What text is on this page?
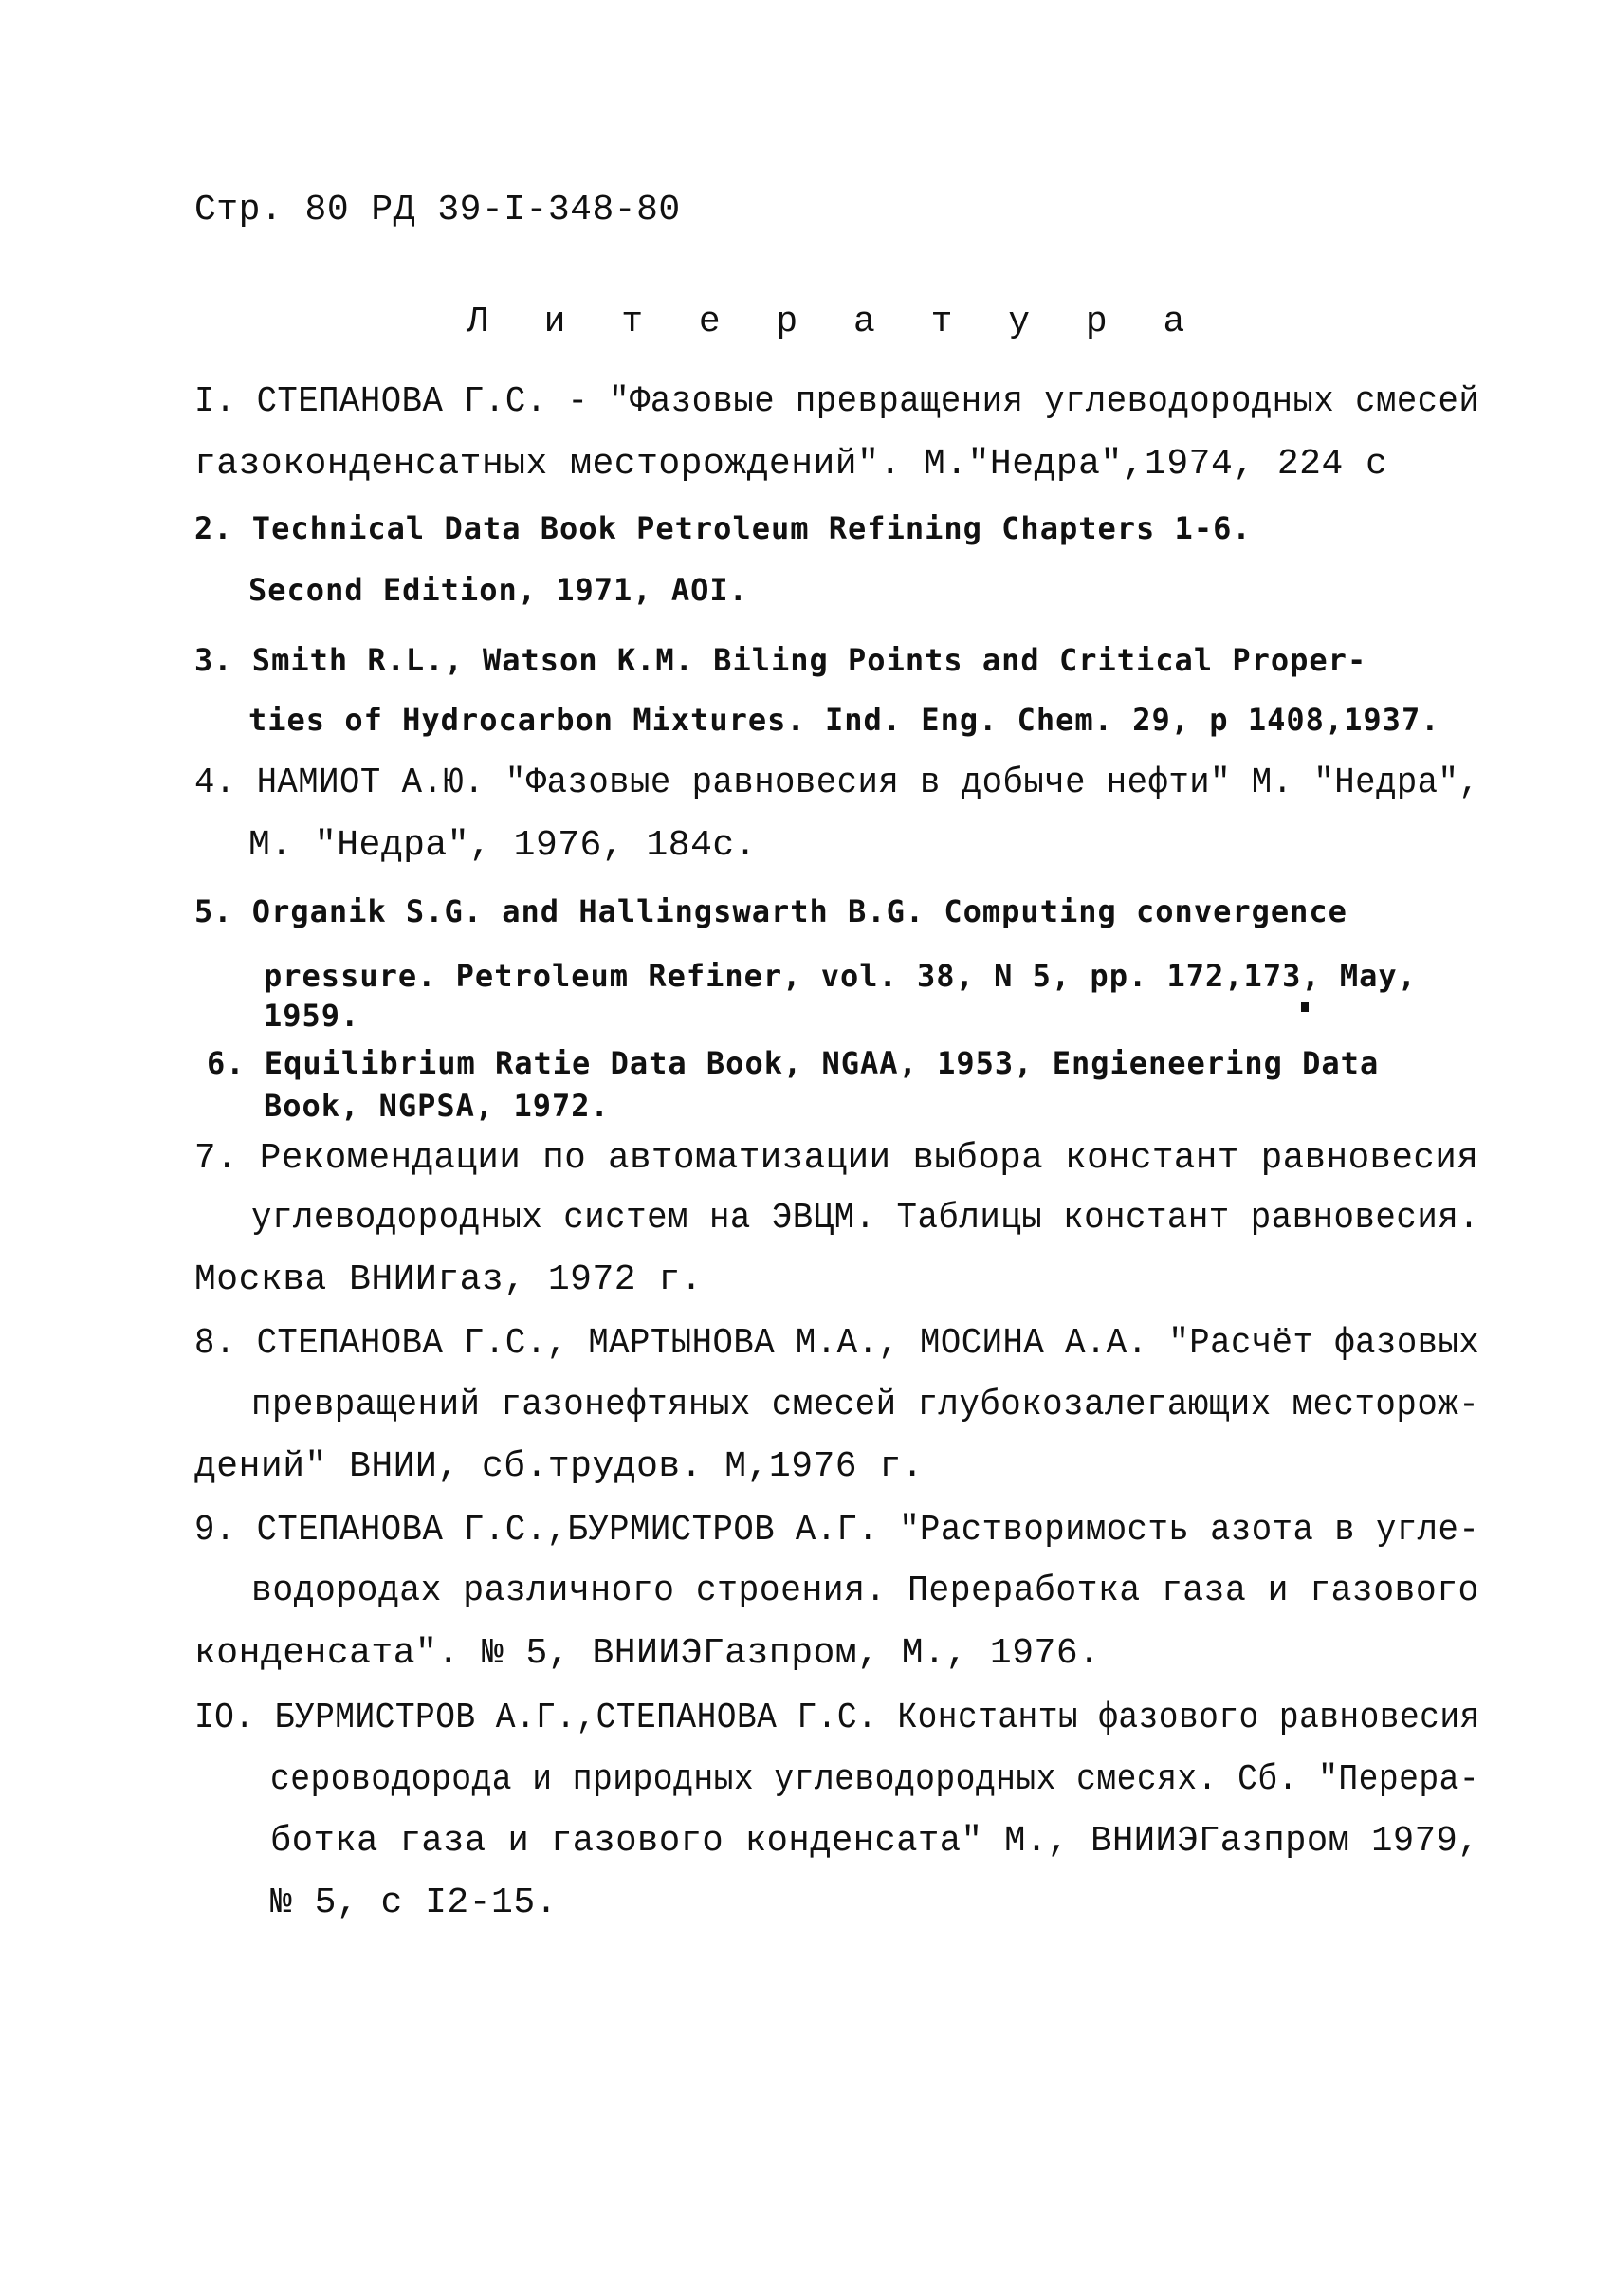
Стр. 80 РД 39-I-348-80
Л и т е р а т у р а
I. СТЕПАНОВА Г.С. - "Фазовые превращения углеводородных смесей
газоконденсатных месторождений". М."Недра",1974, 224 с
2. Technical Data Book Petroleum Refining Chapters 1-6.
Second Edition, 1971, AOI.
3. Smith R.L., Watson K.M. Biling Points and Critical Proper-
ties of Hydrocarbon Mixtures. Ind. Eng. Chem. 29, p 1408,1937.
4. НАМИОТ А.Ю. "Фазовые равновесия в добыче нефти" М. "Недра",
М. "Недра", 1976, 184с.
5. Organik S.G. and Hallingswarth B.G. Computing convergence
pressure. Petroleum Refiner, vol. 38, N 5, pp. 172,173, May,
1959.
6. Equilibrium Ratie Data Book, NGAA, 1953, Engieneering Data
Book, NGPSA, 1972.
7. Рекомендации по автоматизации выбора констант равновесия
углеводородных систем на ЭВЦМ. Таблицы констант равновесия.
Москва ВНИИгаз, 1972 г.
8. СТЕПАНОВА Г.С., МАРТЫНОВА М.А., МОСИНА А.А. "Расчёт фазовых
превращений газонефтяных смесей глубокозалегающих месторож-
дений" ВНИИ, сб.трудов. М,1976 г.
9. СТЕПАНОВА Г.С.,БУРМИСТРОВ А.Г. "Растворимость азота в угле-
водородах различного строения. Переработка газа и газового
конденсата". № 5, ВНИИЭГазпром, М., 1976.
IO. БУРМИСТРОВ А.Г.,СТЕПАНОВА Г.С. Константы фазового равновесия
сероводорода и природных углеводородных смесях. Сб. "Перера-
ботка газа и газового конденсата" М., ВНИИЭГазпром 1979,
№ 5, с I2-15.
